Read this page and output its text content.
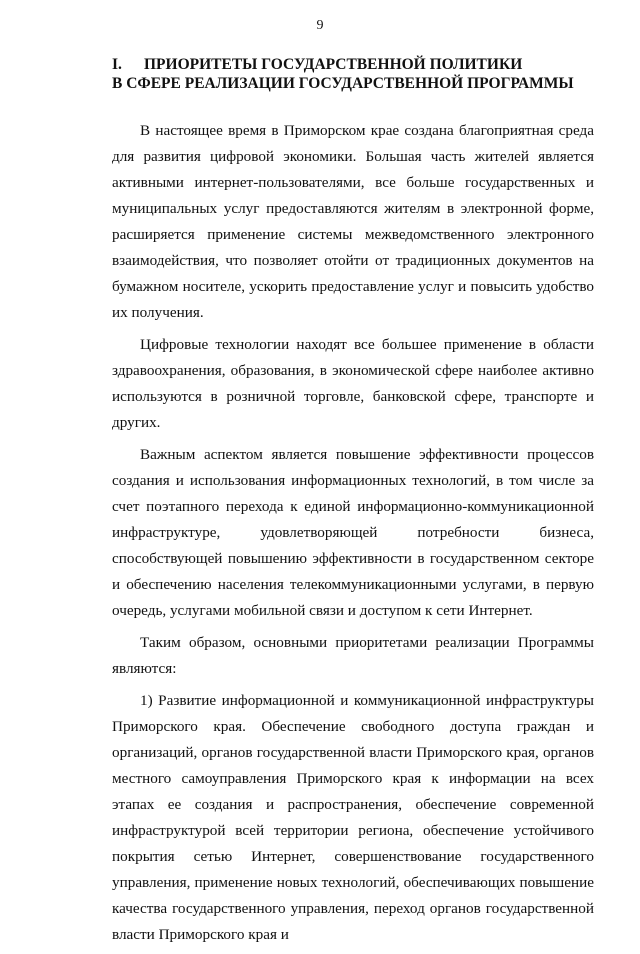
9
I.	ПРИОРИТЕТЫ ГОСУДАРСТВЕННОЙ ПОЛИТИКИ
В СФЕРЕ РЕАЛИЗАЦИИ ГОСУДАРСТВЕННОЙ ПРОГРАММЫ

В настоящее время в Приморском крае создана благоприятная среда для развития цифровой экономики. Большая часть жителей является активными интернет-пользователями, все больше государственных и муниципальных услуг предоставляются жителям в электронной форме, расширяется применение системы межведомственного электронного взаимодействия, что позволяет отойти от традиционных документов на бумажном носителе, ускорить предоставление услуг и повысить удобство их получения.

Цифровые технологии находят все большее применение в области здравоохранения, образования, в экономической сфере наиболее активно используются в розничной торговле, банковской сфере, транспорте и других.

Важным аспектом является повышение эффективности процессов создания и использования информационных технологий, в том числе за счет поэтапного перехода к единой информационно-коммуникационной инфраструктуре, удовлетворяющей потребности бизнеса, способствующей повышению эффективности в государственном секторе и обеспечению населения телекоммуникационными услугами, в первую очередь, услугами мобильной связи и доступом к сети Интернет.

Таким образом, основными приоритетами реализации Программы являются:

1) Развитие информационной и коммуникационной инфраструктуры Приморского края. Обеспечение свободного доступа граждан и организаций, органов государственной власти Приморского края, органов местного самоуправления Приморского края к информации на всех этапах ее создания и распространения, обеспечение современной инфраструктурой всей территории региона, обеспечение устойчивого покрытия сетью Интернет, совершенствование государственного управления, применение новых технологий, обеспечивающих повышение качества государственного управления, переход органов государственной власти Приморского края и
